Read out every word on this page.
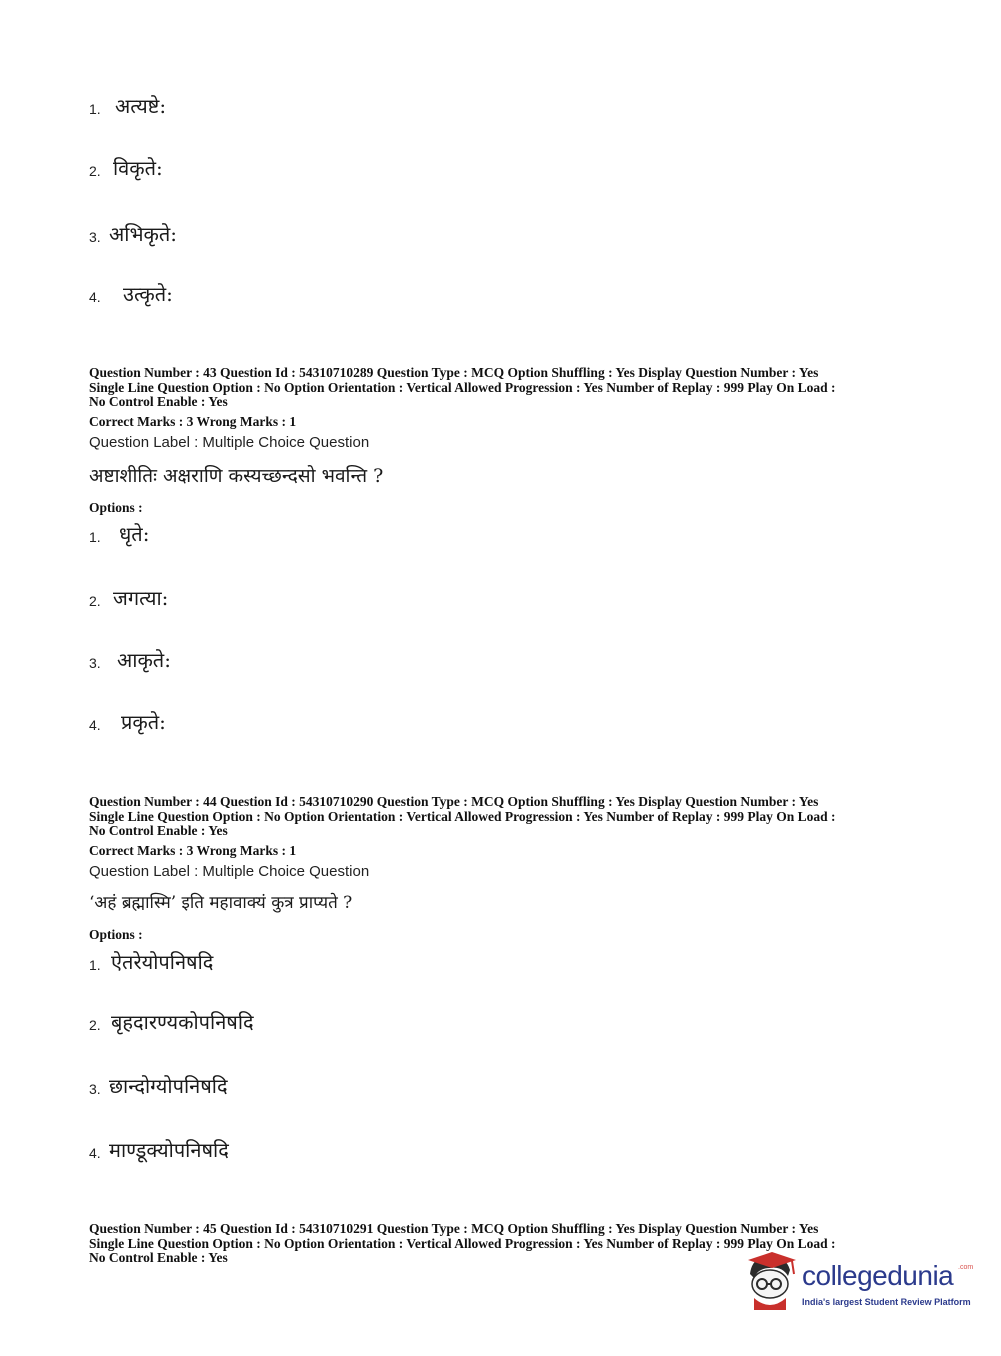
1. अत्यष्टे:
2. विकृते:
3. अभिकृते:
4.	उत्कृते:
Question Number : 43 Question Id : 54310710289 Question Type : MCQ Option Shuffling : Yes Display Question Number : Yes
Single Line Question Option : No Option Orientation : Vertical Allowed Progression : Yes Number of Replay : 999 Play On Load :
No Control Enable : Yes
Correct Marks : 3 Wrong Marks : 1
Question Label : Multiple Choice Question
अष्टाशीतिः अक्षराणि कस्यच्छन्दसो भवन्ति ?
Options :
1. धृते:
2. जगत्या:
3. आकृते:
4.	प्रकृते:
Question Number : 44 Question Id : 54310710290 Question Type : MCQ Option Shuffling : Yes Display Question Number : Yes
Single Line Question Option : No Option Orientation : Vertical Allowed Progression : Yes Number of Replay : 999 Play On Load :
No Control Enable : Yes
Correct Marks : 3 Wrong Marks : 1
Question Label : Multiple Choice Question
‘अहं ब्रह्मास्मि’ इति महावाक्यं कुत्र प्राप्यते ?
Options :
1. ऐतरेयोपनिषदि
2. बृहदारण्यकोपनिषदि
3. छान्दोग्योपनिषदि
4. माण्डूक्योपनिषदि
Question Number : 45 Question Id : 54310710291 Question Type : MCQ Option Shuffling : Yes Display Question Number : Yes
Single Line Question Option : No Option Orientation : Vertical Allowed Progression : Yes Number of Replay : 999 Play On Load :
No Control Enable : Yes
collegedunia .com
India's largest Student Review Platform
